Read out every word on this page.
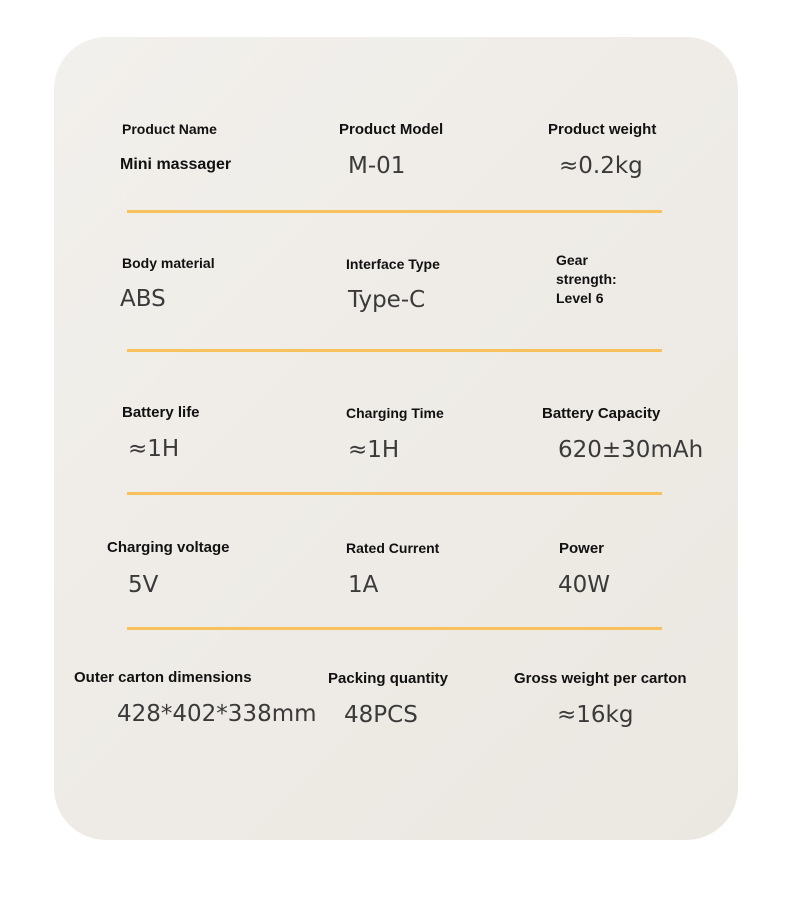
Product Name
Mini massager
Product Model
M-01
Product weight
≈0.2kg
Body material
ABS
Interface Type
Type-C
Gear strength: Level 6
Battery life
≈1H
Charging Time
≈1H
Battery Capacity
620±30mAh
Charging voltage
5V
Rated Current
1A
Power
40W
Outer carton dimensions
428*402*338mm
Packing quantity
48PCS
Gross weight per carton
≈16kg
